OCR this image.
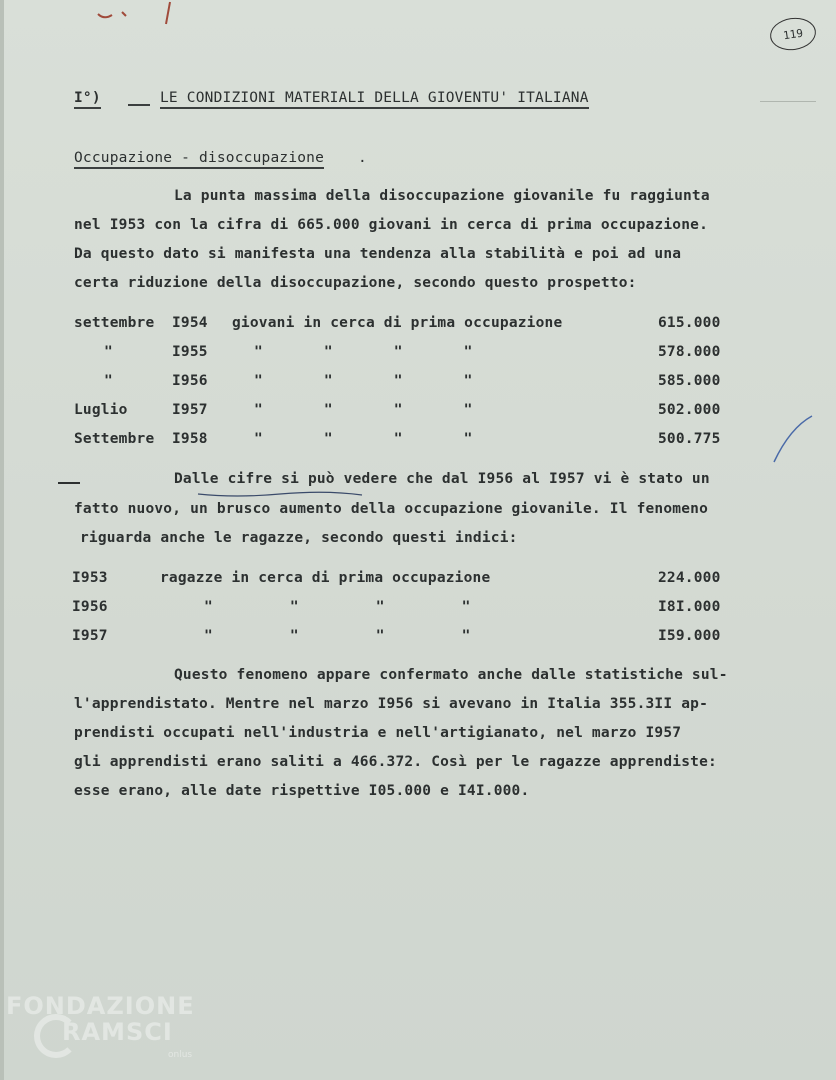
119
I°)	LE CONDIZIONI MATERIALI DELLA GIOVENTU' ITALIANA
Occupazione - disoccupazione .
La punta massima della disoccupazione giovanile fu raggiunta
nel I953 con la cifra di 665.000 giovani in cerca di prima occupazione.
Da questo dato si manifesta una tendenza alla stabilità e poi ad una
certa riduzione della disoccupazione, secondo questo prospetto:
settembre I954 giovani in cerca di prima occupazione	615.000
"	I955	" " " "	578.000
"	I956	" " " "	585.000
Luglio	I957	" " " "	502.000
Settembre I958	" " " "	500.775
Dalle cifre si può vedere che dal I956 al I957 vi è stato un
fatto nuovo, un brusco aumento della occupazione giovanile. Il fenomeno
riguarda anche le ragazze, secondo questi indici:
I953	ragazze in cerca di prima occupazione	224.000
I956	" " " "	I8I.000
I957	" " " "	I59.000
Questo fenomeno appare confermato anche dalle statistiche sul-
l'apprendistato. Mentre nel marzo I956 si avevano in Italia 355.3II ap-
prendisti occupati nell'industria e nell'artigianato, nel marzo I957
gli apprendisti erano saliti a 466.372. Così per le ragazze apprendiste:
esse erano, alle date rispettive I05.000 e I4I.000.
FONDAZIONE
RAMSCI
onlus
